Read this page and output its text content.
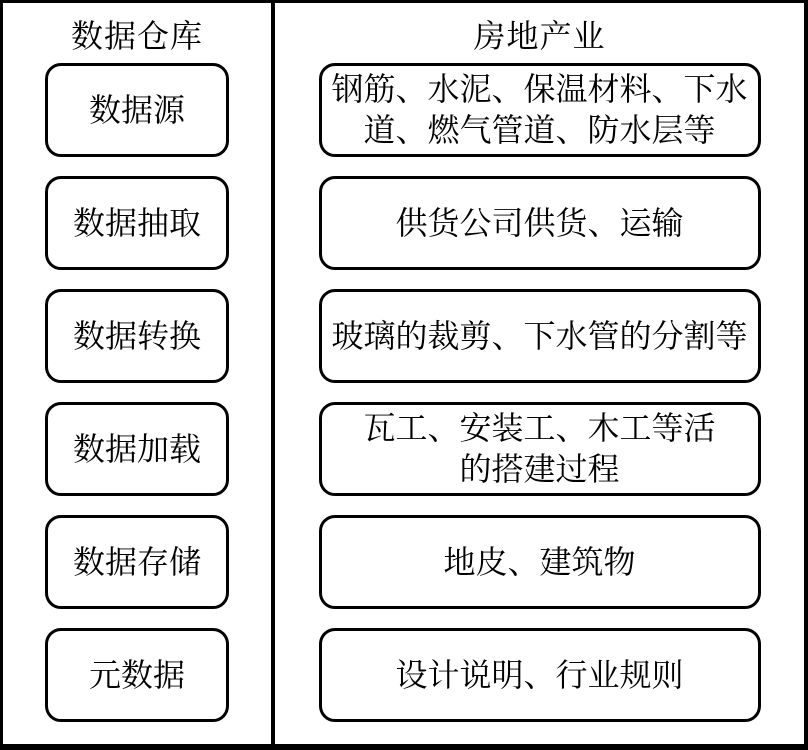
数据仓库
数据源
数据抽取
数据转换
数据加载
数据存储
元数据
房地产业
钢筋、水泥、保温材料、下水
道、燃气管道、防水层等
供货公司供货、运输
玻璃的裁剪、下水管的分割等
瓦工、安装工、木工等活
的搭建过程
地皮、建筑物
设计说明、行业规则
